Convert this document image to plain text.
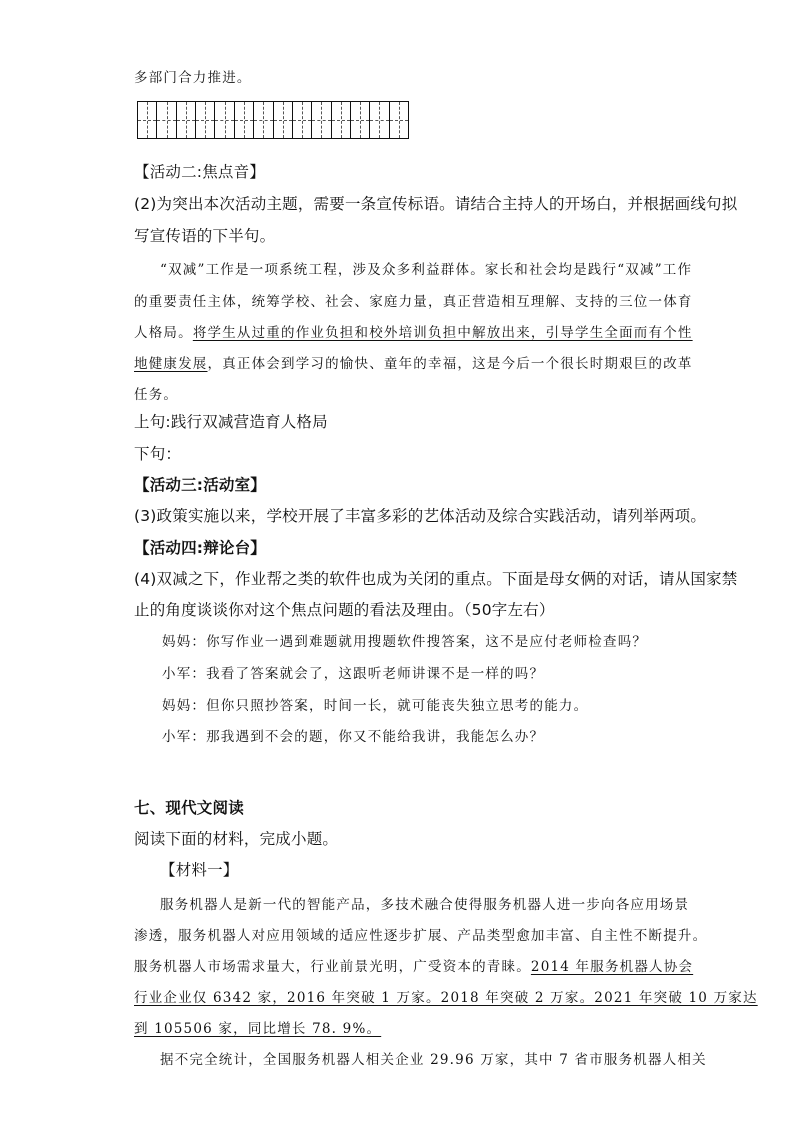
多部门合力推进。
【活动二:焦点音】
(2)为突出本次活动主题，需要一条宣传标语。请结合主持人的开场白，并根据画线句拟
写宣传语的下半句。
“双减”工作是一项系统工程，涉及众多利益群体。家长和社会均是践行“双减”工作
的重要责任主体，统筹学校、社会、家庭力量，真正营造相互理解、支持的三位一体育
人格局。将学生从过重的作业负担和校外培训负担中解放出来，引导学生全面而有个性
地健康发展，真正体会到学习的愉快、童年的幸福，这是今后一个很长时期艰巨的改革
任务。
上句:践行双减营造育人格局
下句：
【活动三:活动室】
(3)政策实施以来，学校开展了丰富多彩的艺体活动及综合实践活动，请列举两项。
【活动四:辩论台】
(4)双减之下，作业帮之类的软件也成为关闭的重点。下面是母女俩的对话，请从国家禁
止的角度谈谈你对这个焦点问题的看法及理由。（50字左右）
妈妈：你写作业一遇到难题就用搜题软件搜答案，这不是应付老师检查吗？
小军：我看了答案就会了，这跟听老师讲课不是一样的吗？
妈妈：但你只照抄答案，时间一长，就可能丧失独立思考的能力。
小军：那我遇到不会的题，你又不能给我讲，我能怎么办？
七、现代文阅读
阅读下面的材料，完成小题。
【材料一】
服务机器人是新一代的智能产品，多技术融合使得服务机器人进一步向各应用场景
渗透，服务机器人对应用领域的适应性逐步扩展、产品类型愈加丰富、自主性不断提升。
服务机器人市场需求量大，行业前景光明，广受资本的青睐。2014 年服务机器人协会
行业企业仅 6342 家，2016 年突破 1 万家。2018 年突破 2 万家。2021 年突破 10 万家达
到 105506 家，同比增长 78. 9%。
据不完全统计，全国服务机器人相关企业 29.96 万家，其中 7 省市服务机器人相关
